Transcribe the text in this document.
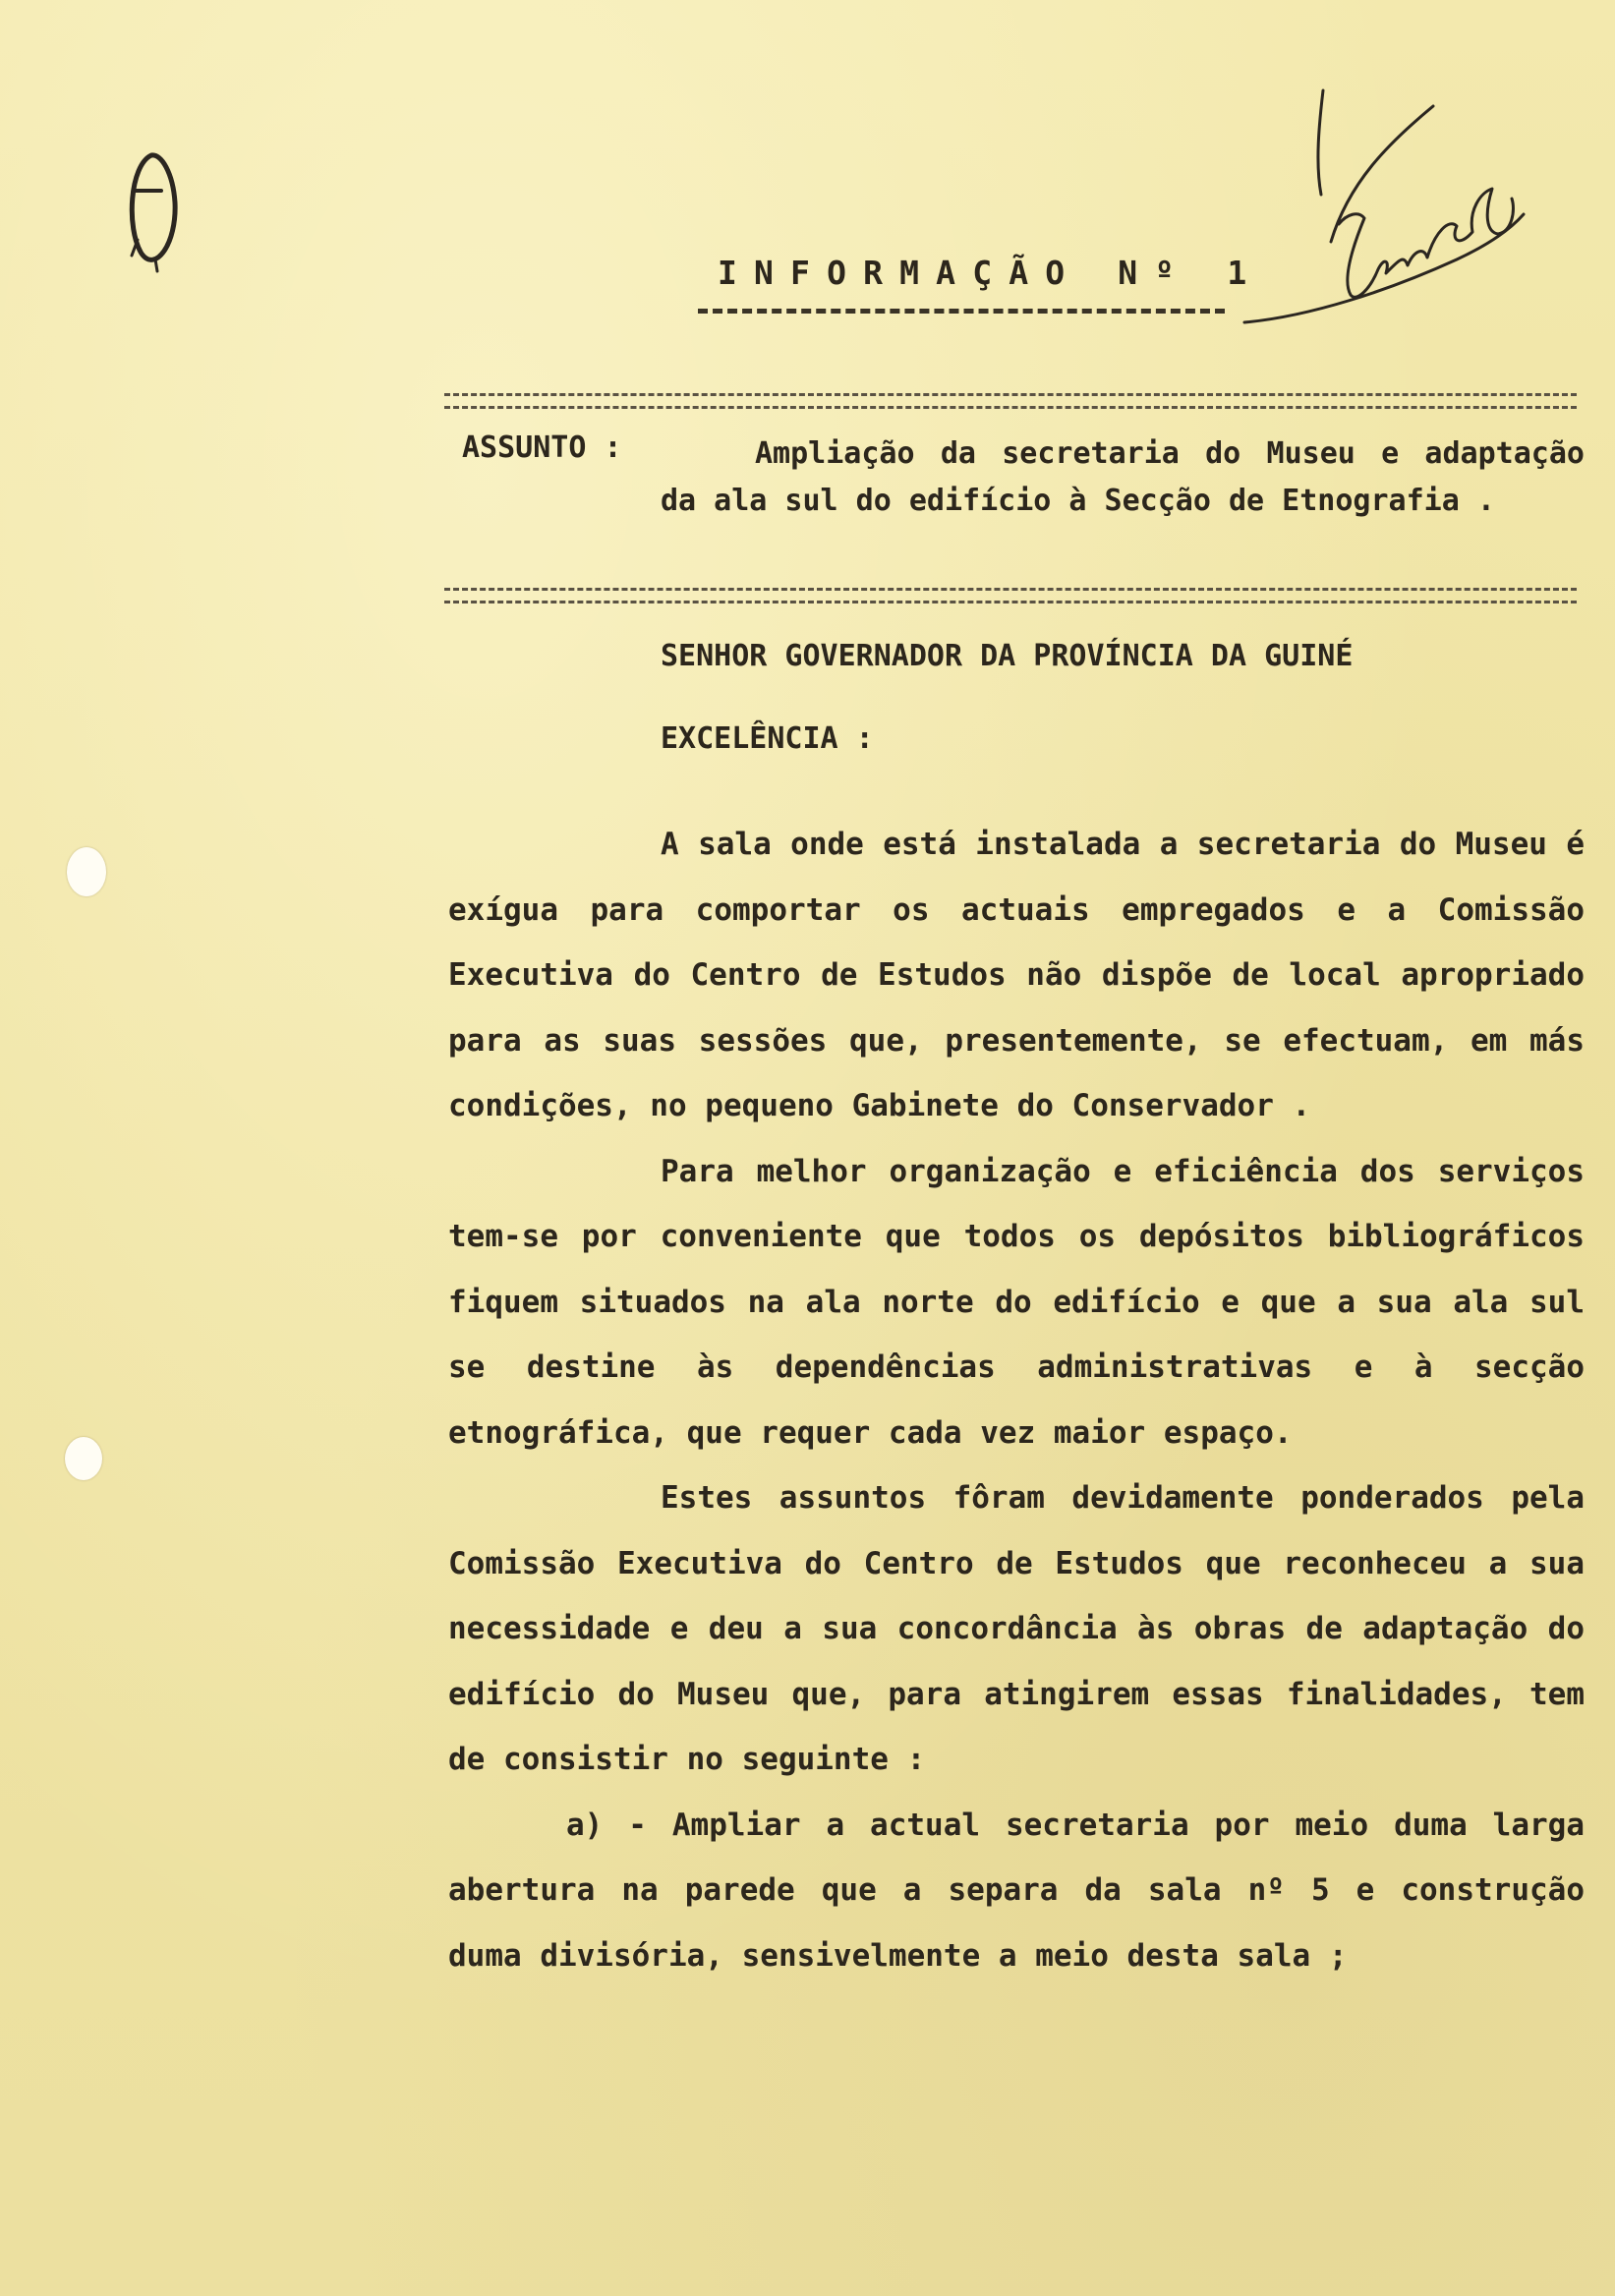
INFORMAÇÃO Nº 1
ASSUNTO :	Ampliação da secretaria do Museu e adaptação da ala sul do edifício à Secção de Etnografia .
SENHOR GOVERNADOR DA PROVÍNCIA DA GUINÉ
EXCELÊNCIA :

A sala onde está instalada a secretaria do Museu é exígua para comportar os actuais empregados e a Comissão Executiva do Centro de Estudos não dispõe de local apropriado para as suas sessões que, presentemente, se efectuam, em más condições, no pequeno Gabinete do Conservador .

Para melhor organização e eficiência dos serviços tem-se por conveniente que todos os depósitos bibliográficos fiquem situados na ala norte do edifício e que a sua ala sul se destine às dependências administrativas e à secção etnográfica, que requer cada vez maior espaço.

Estes assuntos fôram devidamente ponderados pela Comissão Executiva do Centro de Estudos que reconheceu a sua necessidade e deu a sua concordância às obras de adaptação do edifício do Museu que, para atingirem essas finalidades, tem de consistir no seguinte :

a) - Ampliar a actual secretaria por meio duma larga abertura na parede que a separa da sala nº 5 e construção duma divisória, sensivelmente a meio desta sala ;
